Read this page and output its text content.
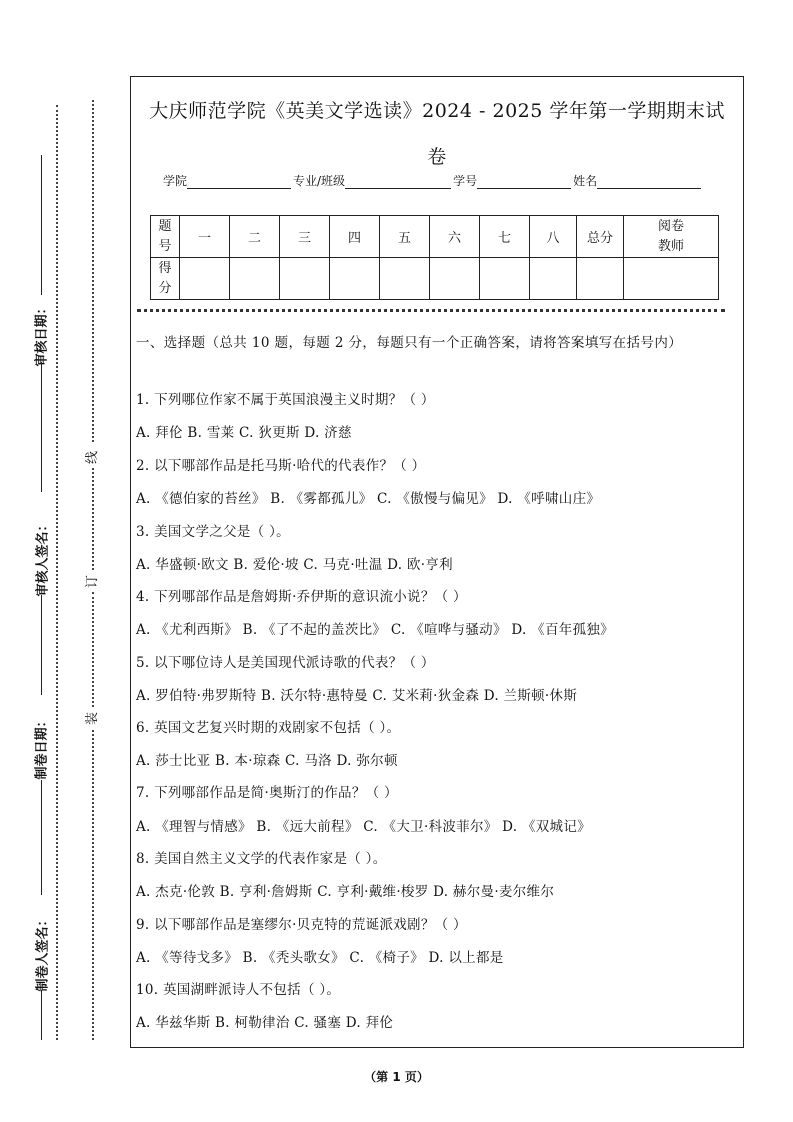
审核日期：
审核人签名：
制卷日期：
制卷人签名：
线
订
装
大庆师范学院《英美文学选读》2024 - 2025 学年第一学期期末试
卷
学院	专业/班级	学号	姓名
题号	一	二	三	四	五	六	七	八	总分	阅卷教师

得分										

一、选择题（总共 10 题，每题 2 分，每题只有一个正确答案，请将答案填写在括号内）
1. 下列哪位作家不属于英国浪漫主义时期？（ ）
A. 拜伦 B. 雪莱 C. 狄更斯 D. 济慈
2. 以下哪部作品是托马斯·哈代的代表作？（ ）
A. 《德伯家的苔丝》 B. 《雾都孤儿》 C. 《傲慢与偏见》 D. 《呼啸山庄》
3. 美国文学之父是（ ）。
A. 华盛顿·欧文 B. 爱伦·坡 C. 马克·吐温 D. 欧·亨利
4. 下列哪部作品是詹姆斯·乔伊斯的意识流小说？（ ）
A. 《尤利西斯》 B. 《了不起的盖茨比》 C. 《喧哗与骚动》 D. 《百年孤独》
5. 以下哪位诗人是美国现代派诗歌的代表？（ ）
A. 罗伯特·弗罗斯特 B. 沃尔特·惠特曼 C. 艾米莉·狄金森 D. 兰斯顿·休斯
6. 英国文艺复兴时期的戏剧家不包括（ ）。
A. 莎士比亚 B. 本·琼森 C. 马洛 D. 弥尔顿
7. 下列哪部作品是简·奥斯汀的作品？（ ）
A. 《理智与情感》 B. 《远大前程》 C. 《大卫·科波菲尔》 D. 《双城记》
8. 美国自然主义文学的代表作家是（ ）。
A. 杰克·伦敦 B. 亨利·詹姆斯 C. 亨利·戴维·梭罗 D. 赫尔曼·麦尔维尔
9. 以下哪部作品是塞缪尔·贝克特的荒诞派戏剧？（ ）
A. 《等待戈多》 B. 《秃头歌女》 C. 《椅子》 D. 以上都是
10. 英国湖畔派诗人不包括（ ）。
A. 华兹华斯 B. 柯勒律治 C. 骚塞 D. 拜伦
（第 1 页）
